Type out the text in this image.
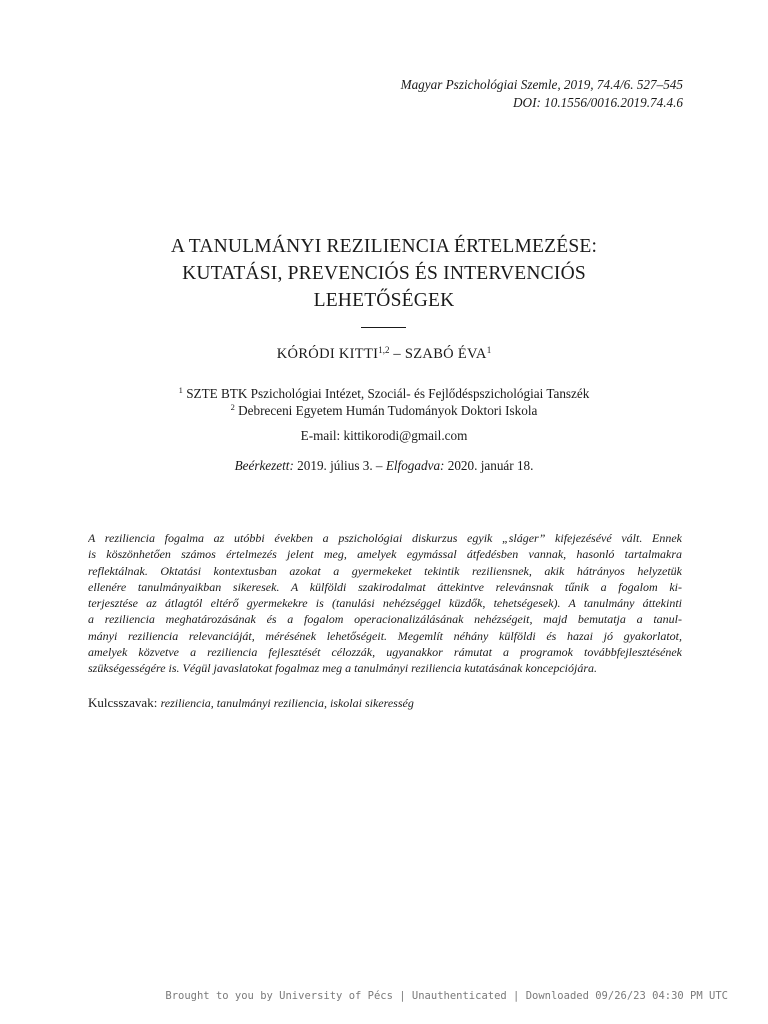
Magyar Pszichológiai Szemle, 2019, 74.4/6. 527–545
DOI: 10.1556/0016.2019.74.4.6
A TANULMÁNYI REZILIENCIA ÉRTELMEZÉSE:
KUTATÁSI, PREVENCIÓS ÉS INTERVENCIÓS
LEHETŐSÉGEK
KÓRÓDI KITTI$^{1,2}$ – SZABÓ ÉVA$^1$
$^1$ SZTE BTK Pszichológiai Intézet, Szociál- és Fejlődéspszichológiai Tanszék
$^2$ Debreceni Egyetem Humán Tudományok Doktori Iskola
E-mail: kittikorodi@gmail.com
Beérkezett: 2019. július 3. – Elfogadva: 2020. január 18.
A reziliencia fogalma az utóbbi években a pszichológiai diskurzus egyik „sláger” kifejezésévé vált. Ennek
is köszönhetően számos értelmezés jelent meg, amelyek egymással átfedésben vannak, hasonló tartalmakra
reflektálnak. Oktatási kontextusban azokat a gyermekeket tekintik reziliensnek, akik hátrányos helyzetük
ellenére tanulmányaikban sikeresek. A külföldi szakirodalmat áttekintve relevánsnak tűnik a fogalom ki-
terjesztése az átlagtól eltérő gyermekekre is (tanulási nehézséggel küzdők, tehetségesek). A tanulmány áttekinti
a reziliencia meghatározásának és a fogalom operacionalizálásának nehézségeit, majd bemutatja a tanul-
mányi reziliencia relevanciáját, mérésének lehetőségeit. Megemlít néhány külföldi és hazai jó gyakorlatot,
amelyek közvetve a reziliencia fejlesztését célozzák, ugyanakkor rámutat a programok továbbfejlesztésének
szükségességére is. Végül javaslatokat fogalmaz meg a tanulmányi reziliencia kutatásának koncepciójára.
Kulcsszavak: reziliencia, tanulmányi reziliencia, iskolai sikeresség
Brought to you by University of Pécs | Unauthenticated | Downloaded 09/26/23 04:30 PM UTC
